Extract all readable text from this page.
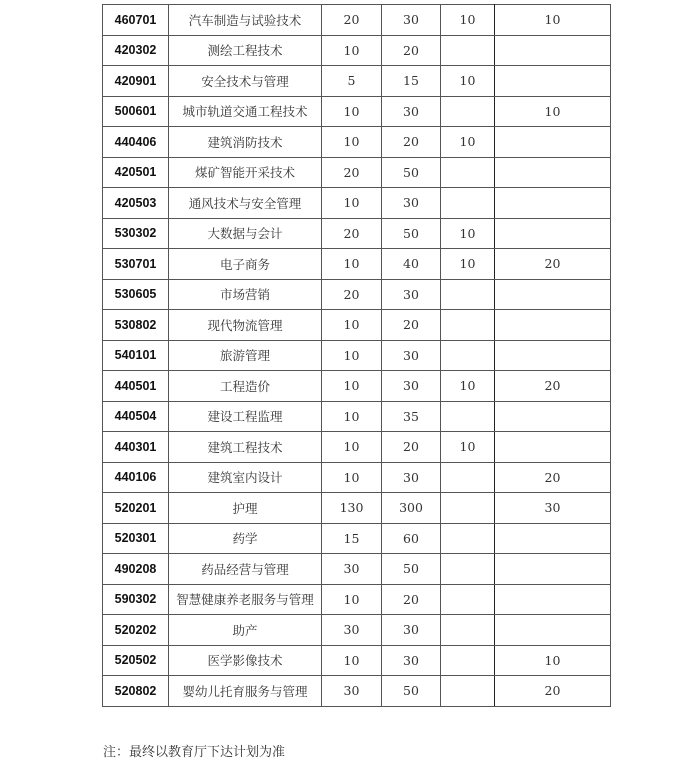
460701	汽车制造与试验技术	20	30	10	10
420302	测绘工程技术	10	20		
420901	安全技术与管理	5	15	10	
500601	城市轨道交通工程技术	10	30		10
440406	建筑消防技术	10	20	10	
420501	煤矿智能开采技术	20	50		
420503	通风技术与安全管理	10	30		
530302	大数据与会计	20	50	10	
530701	电子商务	10	40	10	20
530605	市场营销	20	30		
530802	现代物流管理	10	20		
540101	旅游管理	10	30		
440501	工程造价	10	30	10	20
440504	建设工程监理	10	35		
440301	建筑工程技术	10	20	10	
440106	建筑室内设计	10	30		20
520201	护理	130	300		30
520301	药学	15	60		
490208	药品经营与管理	30	50		
590302	智慧健康养老服务与管理	10	20		
520202	助产	30	30		
520502	医学影像技术	10	30		10
520802	婴幼儿托育服务与管理	30	50		20
注：最终以教育厅下达计划为准
